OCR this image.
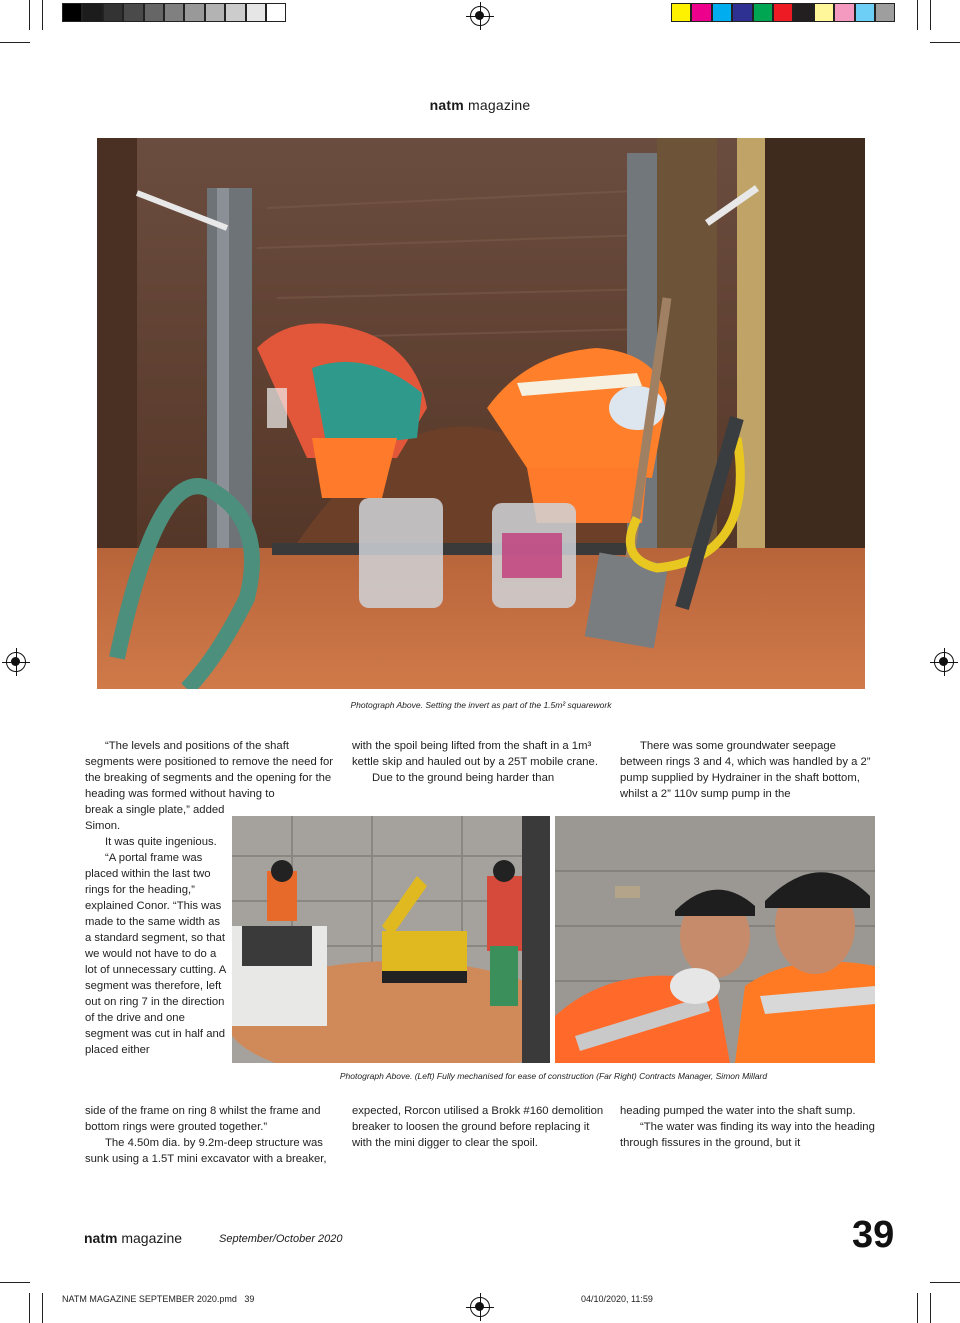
natm magazine
Photograph Above. Setting the invert as part of the 1.5m² squarework

“The levels and positions of the shaft segments were positioned to remove the need for the breaking of segments and the opening for the heading was formed without having to

break a single plate,” added Simon.

It was quite ingenious.

“A portal frame was placed within the last two rings for the heading,” explained Conor. “This was made to the same width as a standard segment, so that we would not have to do a lot of unnecessary cutting. A segment was therefore, left out on ring 7 in the direction of the drive and one segment was cut in half and placed either

side of the frame on ring 8 whilst the frame and bottom rings were grouted together.”

The 4.50m dia. by 9.2m-deep structure was sunk using a 1.5T mini excavator with a breaker,

with the spoil being lifted from the shaft in a 1m³ kettle skip and hauled out by a 25T mobile crane.

Due to the ground being harder than

expected, Rorcon utilised a Brokk #160 demolition breaker to loosen the ground before replacing it with the mini digger to clear the spoil.

There was some groundwater seepage between rings 3 and 4, which was handled by a 2” pump supplied by Hydrainer in the shaft bottom, whilst a 2” 110v sump pump in the

heading pumped the water into the shaft sump.

“The water was finding its way into the heading through fissures in the ground, but it

Photograph Above. (Left) Fully mechanised for ease of construction (Far Right) Contracts Manager, Simon Millard
natm magazine	September/October 2020	39
NATM MAGAZINE SEPTEMBER 2020.pmd   39	04/10/2020, 11:59
